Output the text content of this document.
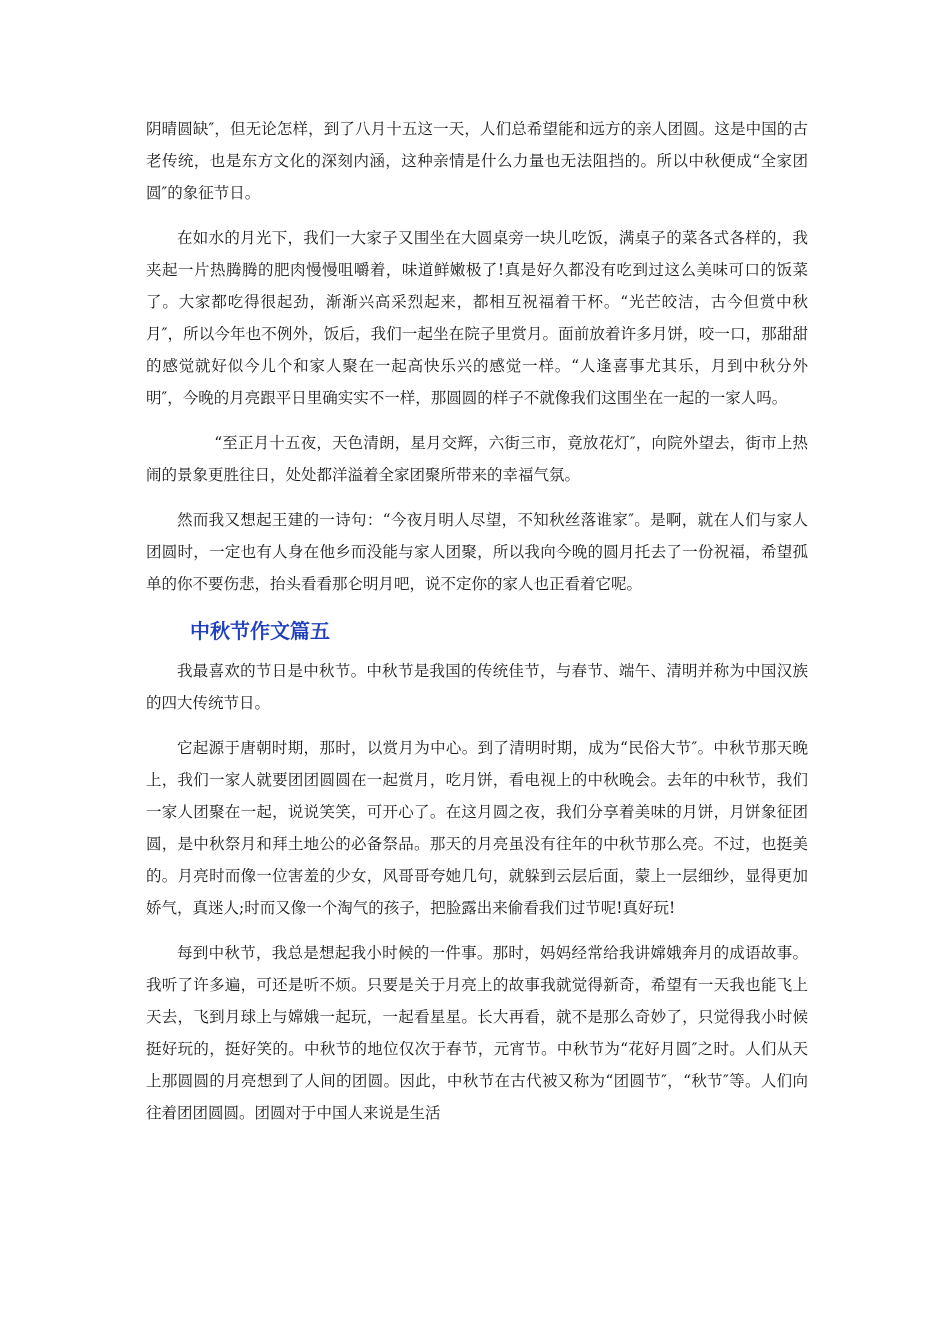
阴晴圆缺″，但无论怎样，到了八月十五这一天，人们总希望能和远方的亲人团圆。这是中国的古老传统，也是东方文化的深刻内涵，这种亲情是什么力量也无法阻挡的。所以中秋便成“全家团圆″的象征节日。

在如水的月光下，我们一大家子又围坐在大圆桌旁一块儿吃饭，满桌子的菜各式各样的，我夹起一片热腾腾的肥肉慢慢咀嚼着，味道鲜嫩极了!真是好久都没有吃到过这么美味可口的饭菜了。大家都吃得很起劲，渐渐兴高采烈起来，都相互祝福着干杯。“光芒皎洁，古今但赏中秋月″，所以今年也不例外，饭后，我们一起坐在院子里赏月。面前放着许多月饼，咬一口，那甜甜的感觉就好似今儿个和家人聚在一起高快乐兴的感觉一样。“人逢喜事尤其乐，月到中秋分外明″，今晚的月亮跟平日里确实实不一样，那圆圆的样子不就像我们这围坐在一起的一家人吗。

“至正月十五夜，天色清朗，星月交辉，六街三市，竟放花灯″，向院外望去，街市上热闹的景象更胜往日，处处都洋溢着全家团聚所带来的幸福气氛。

然而我又想起王建的一诗句：“今夜月明人尽望，不知秋丝落谁家″。是啊，就在人们与家人团圆时，一定也有人身在他乡而没能与家人团聚，所以我向今晚的圆月托去了一份祝福，希望孤单的你不要伤悲，抬头看看那仑明月吧，说不定你的家人也正看着它呢。

中秋节作文篇五

我最喜欢的节日是中秋节。中秋节是我国的传统佳节，与春节、端午、清明并称为中国汉族的四大传统节日。

它起源于唐朝时期，那时，以赏月为中心。到了清明时期，成为“民俗大节″。中秋节那天晚上，我们一家人就要团团圆圆在一起赏月，吃月饼，看电视上的中秋晚会。去年的中秋节，我们一家人团聚在一起，说说笑笑，可开心了。在这月圆之夜，我们分享着美味的月饼，月饼象征团圆，是中秋祭月和拜土地公的必备祭品。那天的月亮虽没有往年的中秋节那么亮。不过，也挺美的。月亮时而像一位害羞的少女，风哥哥夸她几句，就躲到云层后面，蒙上一层细纱，显得更加娇气，真迷人;时而又像一个淘气的孩子，把脸露出来偷看我们过节呢!真好玩!

每到中秋节，我总是想起我小时候的一件事。那时，妈妈经常给我讲嫦娥奔月的成语故事。我听了许多遍，可还是听不烦。只要是关于月亮上的故事我就觉得新奇，希望有一天我也能飞上天去，飞到月球上与嫦娥一起玩，一起看星星。长大再看，就不是那么奇妙了，只觉得我小时候挺好玩的，挺好笑的。中秋节的地位仅次于春节，元宵节。中秋节为“花好月圆″之时。人们从天上那圆圆的月亮想到了人间的团圆。因此，中秋节在古代被又称为“团圆节″，“秋节″等。人们向往着团团圆圆。团圆对于中国人来说是生活
